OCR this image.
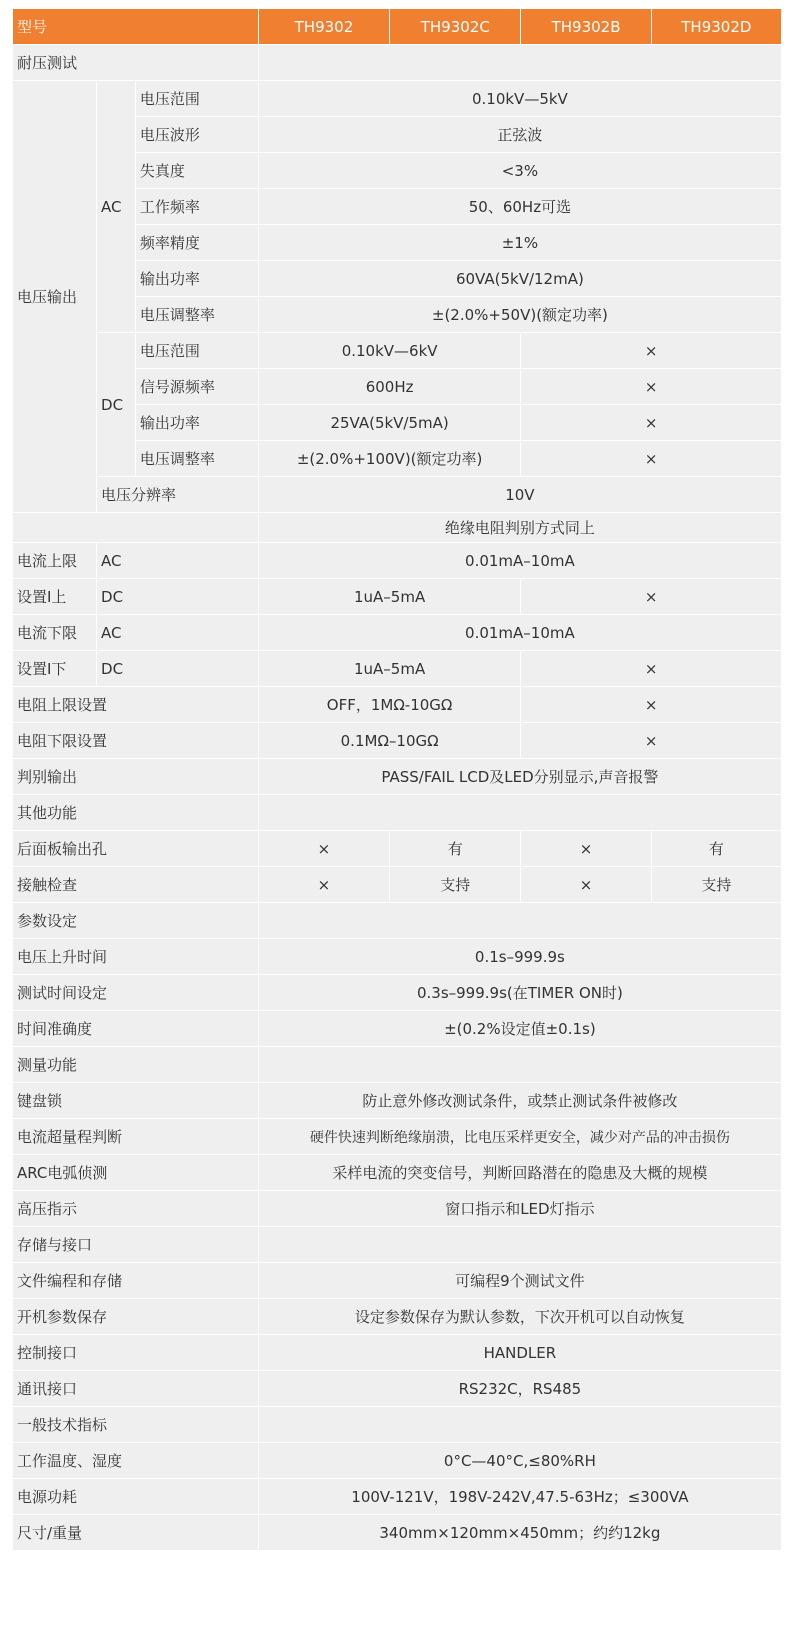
型号			TH9302	TH9302C	TH9302B	TH9302D
耐压测试						
电压输出	AC	电压范围	0.10kV—5kV			
		电压波形	正弦波			
		失真度	<3%			
		工作频率	50、60Hz可选			
		频率精度	±1%			
		输出功率	60VA(5kV/12mA)			
		电压调整率	±(2.0%+50V)(额定功率)			
	DC	电压范围	0.10kV—6kV		×	
		信号源频率	600Hz		×	
		输出功率	25VA(5kV/5mA)		×	
		电压调整率	±(2.0%+100V)(额定功率)		×	
	电压分辨率		10V			
			绝缘电阻判别方式同上			
电流上限	AC		0.01mA–10mA			
设置I上	DC		1uA–5mA		×	
电流下限	AC		0.01mA–10mA			
设置I下	DC		1uA–5mA		×	
电阻上限设置			OFF，1MΩ-10GΩ		×	
电阻下限设置			0.1MΩ–10GΩ		×	
判别输出			PASS/FAIL LCD及LED分别显示,声音报警			
其他功能						
后面板输出孔			×	有	×	有
接触检查			×	支持	×	支持
参数设定						
电压上升时间			0.1s–999.9s			
测试时间设定			0.3s–999.9s(在TIMER ON时)			
时间准确度			±(0.2%设定值±0.1s)			
测量功能						
键盘锁			防止意外修改测试条件，或禁止测试条件被修改			
电流超量程判断			硬件快速判断绝缘崩溃，比电压采样更安全，减少对产品的冲击损伤			
ARC电弧侦测			采样电流的突变信号，判断回路潜在的隐患及大概的规模			
高压指示			窗口指示和LED灯指示			
存储与接口						
文件编程和存储			可编程9个测试文件			
开机参数保存			设定参数保存为默认参数，下次开机可以自动恢复			
控制接口			HANDLER			
通讯接口			RS232C，RS485			
一般技术指标						
工作温度、湿度			0°C—40°C,≤80%RH			
电源功耗			100V-121V，198V-242V,47.5-63Hz；≤300VA			
尺寸/重量			340mm×120mm×450mm；约约12kg			
